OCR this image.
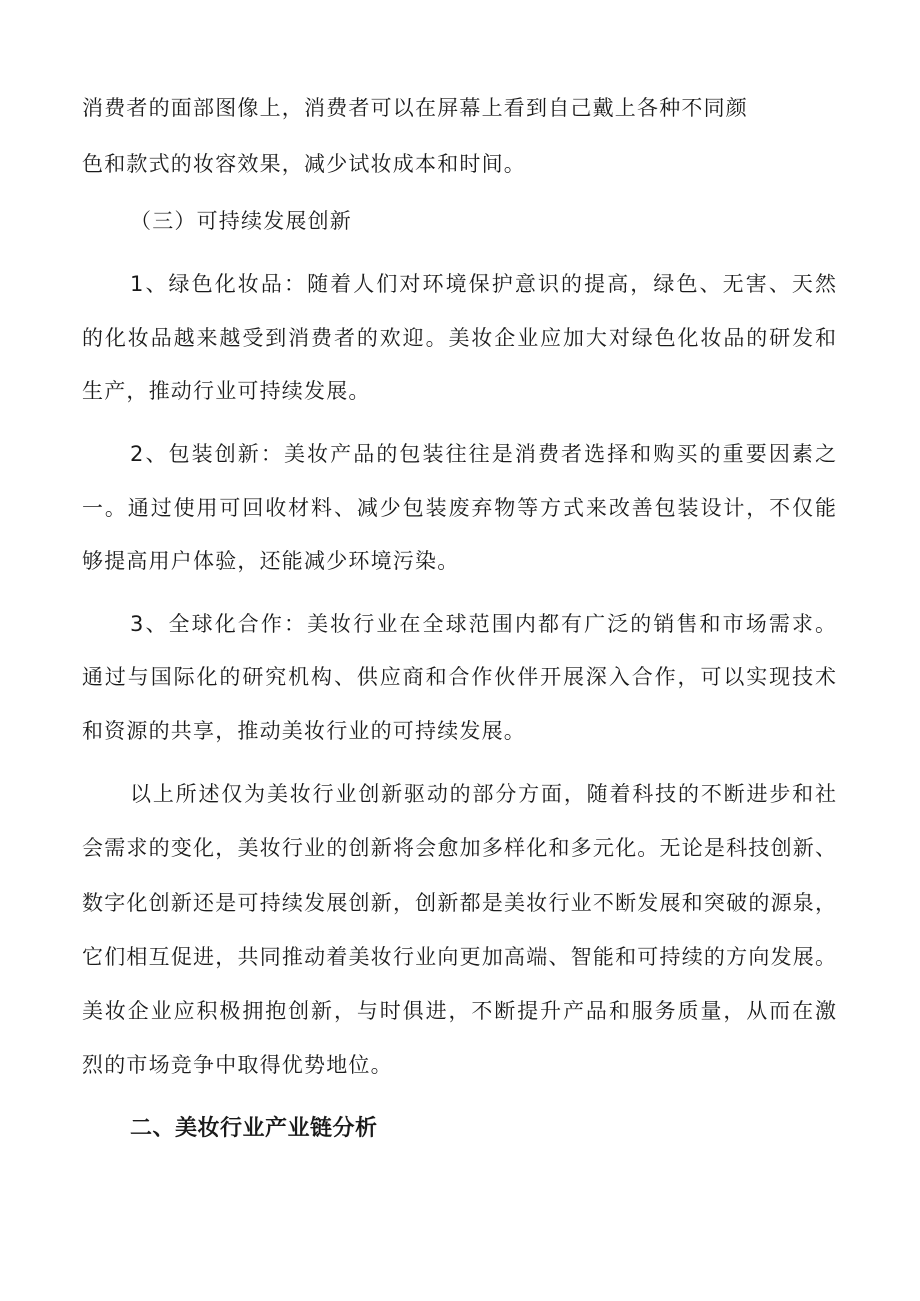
消费者的面部图像上，消费者可以在屏幕上看到自己戴上各种不同颜
色和款式的妆容效果，减少试妆成本和时间。
（三）可持续发展创新
1、绿色化妆品：随着人们对环境保护意识的提高，绿色、无害、天然
的化妆品越来越受到消费者的欢迎。美妆企业应加大对绿色化妆品的研发和
生产，推动行业可持续发展。
2、包装创新：美妆产品的包装往往是消费者选择和购买的重要因素之
一。通过使用可回收材料、减少包装废弃物等方式来改善包装设计，不仅能
够提高用户体验，还能减少环境污染。
3、全球化合作：美妆行业在全球范围内都有广泛的销售和市场需求。
通过与国际化的研究机构、供应商和合作伙伴开展深入合作，可以实现技术
和资源的共享，推动美妆行业的可持续发展。
以上所述仅为美妆行业创新驱动的部分方面，随着科技的不断进步和社
会需求的变化，美妆行业的创新将会愈加多样化和多元化。无论是科技创新、
数字化创新还是可持续发展创新，创新都是美妆行业不断发展和突破的源泉，
它们相互促进，共同推动着美妆行业向更加高端、智能和可持续的方向发展。
美妆企业应积极拥抱创新，与时俱进，不断提升产品和服务质量，从而在激
烈的市场竞争中取得优势地位。
二、美妆行业产业链分析
